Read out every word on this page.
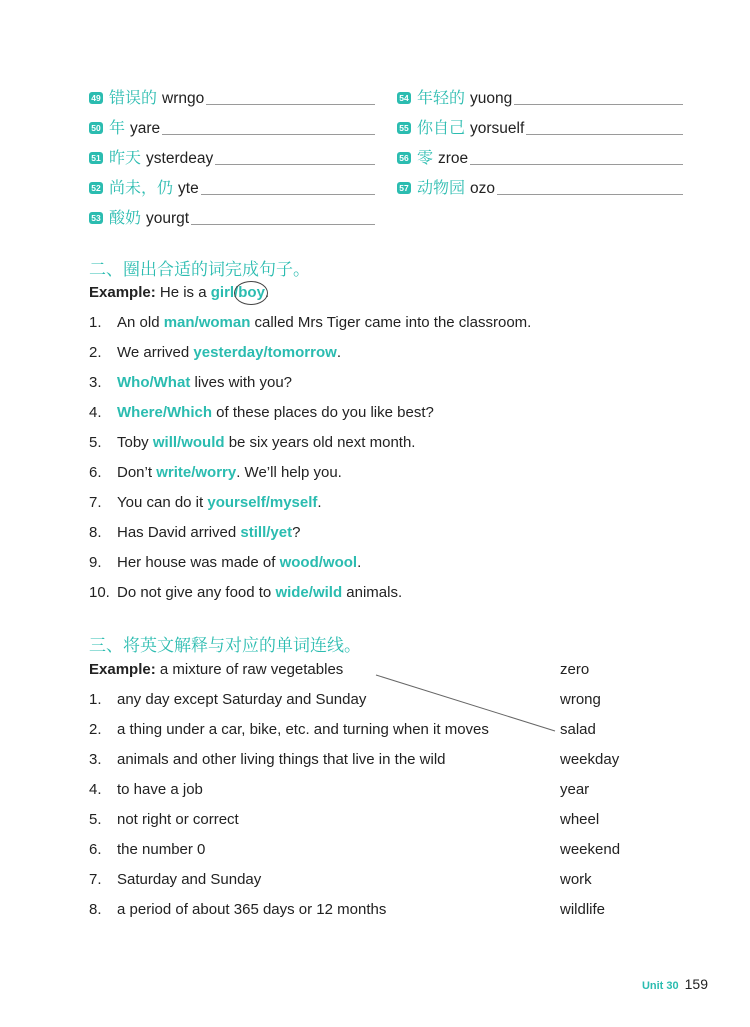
49 错误的 wrngo	54 年轻的 yuong
50 年 yare	55 你自己 yorsuelf
51 昨天 ysterdeay	56 零 zroe
52 尚未，仍 yte	57 动物园 ozo
53 酸奶 yourgt
二、圈出合适的词完成句子。
Example: He is a girl/boy.
1. An old man/woman called Mrs Tiger came into the classroom.
2. We arrived yesterday/tomorrow.
3. Who/What lives with you?
4. Where/Which of these places do you like best?
5. Toby will/would be six years old next month.
6. Don’t write/worry. We’ll help you.
7. You can do it yourself/myself.
8. Has David arrived still/yet?
9. Her house was made of wood/wool.
10. Do not give any food to wide/wild animals.
三、将英文解释与对应的单词连线。
Example: a mixture of raw vegetables	zero
1. any day except Saturday and Sunday	wrong
2. a thing under a car, bike, etc. and turning when it moves	salad
3. animals and other living things that live in the wild	weekday
4. to have a job	year
5. not right or correct	wheel
6. the number 0	weekend
7. Saturday and Sunday	work
8. a period of about 365 days or 12 months	wildlife
Unit 30 159
